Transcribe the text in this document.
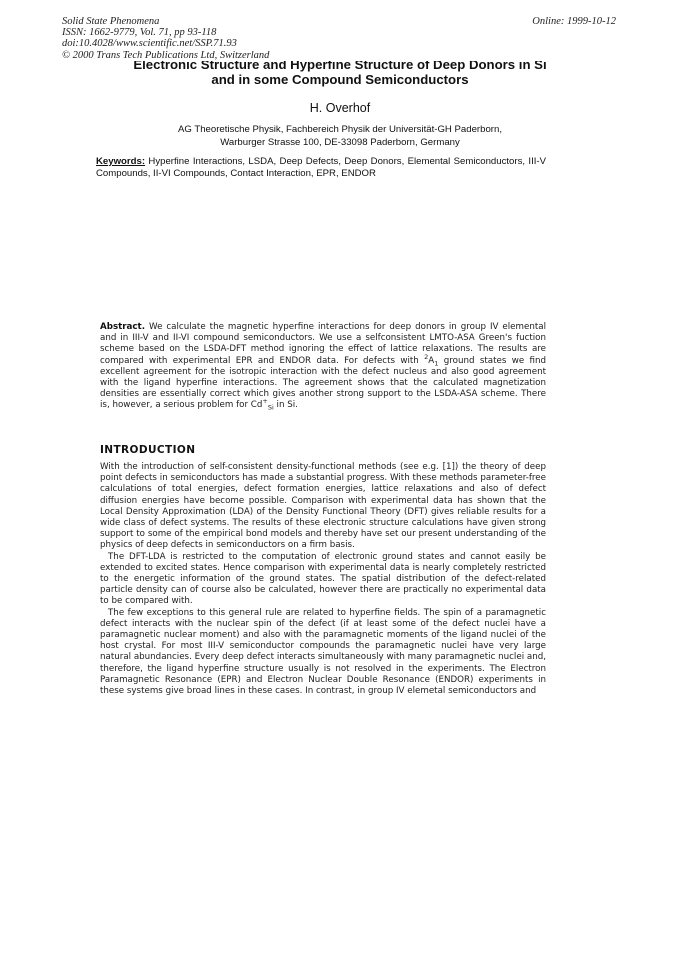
Solid State Phenomena
ISSN: 1662-9779, Vol. 71, pp 93-118
doi:10.4028/www.scientific.net/SSP.71.93
© 2000 Trans Tech Publications Ltd, Switzerland
Online: 1999-10-12
Electronic Structure and Hyperfine Structure of Deep Donors in Si
and in some Compound Semiconductors
H. Overhof
AG Theoretische Physik, Fachbereich Physik der Universität-GH Paderborn,
Warburger Strasse 100, DE-33098 Paderborn, Germany
Keywords: Hyperfine Interactions, LSDA, Deep Defects, Deep Donors, Elemental Semiconductors, III-V Compounds, II-VI Compounds, Contact Interaction, EPR, ENDOR
Abstract. We calculate the magnetic hyperfine interactions for deep donors in group IV elemental and in III-V and II-VI compound semiconductors. We use a selfconsistent LMTO-ASA Green's fuction scheme based on the LSDA-DFT method ignoring the effect of lattice relaxations. The results are compared with experimental EPR and ENDOR data. For defects with $^2A_1$ ground states we find excellent agreement for the isotropic interaction with the defect nucleus and also good agreement with the ligand hyperfine interactions. The agreement shows that the calculated magnetization densities are essentially correct which gives another strong support to the LSDA-ASA scheme. There is, however, a serious problem for $Cd^+_{Si}$ in Si.
INTRODUCTION

With the introduction of self-consistent density-functional methods (see e.g. [1]) the theory of deep point defects in semiconductors has made a substantial progress. With these methods parameter-free calculations of total energies, defect formation energies, lattice relaxations and also of defect diffusion energies have become possible. Comparison with experimental data has shown that the Local Density Approximation (LDA) of the Density Functional Theory (DFT) gives reliable results for a wide class of defect systems. The results of these electronic structure calculations have given strong support to some of the empirical bond models and thereby have set our present understanding of the physics of deep defects in semiconductors on a firm basis.

The DFT-LDA is restricted to the computation of electronic ground states and cannot easily be extended to excited states. Hence comparison with experimental data is nearly completely restricted to the energetic information of the ground states. The spatial distribution of the defect-related particle density can of course also be calculated, however there are practically no experimental data to be compared with.

The few exceptions to this general rule are related to hyperfine fields. The spin of a paramagnetic defect interacts with the nuclear spin of the defect (if at least some of the defect nuclei have a paramagnetic nuclear moment) and also with the paramagnetic moments of the ligand nuclei of the host crystal. For most III-V semiconductor compounds the paramagnetic nuclei have very large natural abundancies. Every deep defect interacts simultaneously with many paramagnetic nuclei and, therefore, the ligand hyperfine structure usually is not resolved in the experiments. The Electron Paramagnetic Resonance (EPR) and Electron Nuclear Double Resonance (ENDOR) experiments in these systems give broad lines in these cases. In contrast, in group IV elemetal semiconductors and
